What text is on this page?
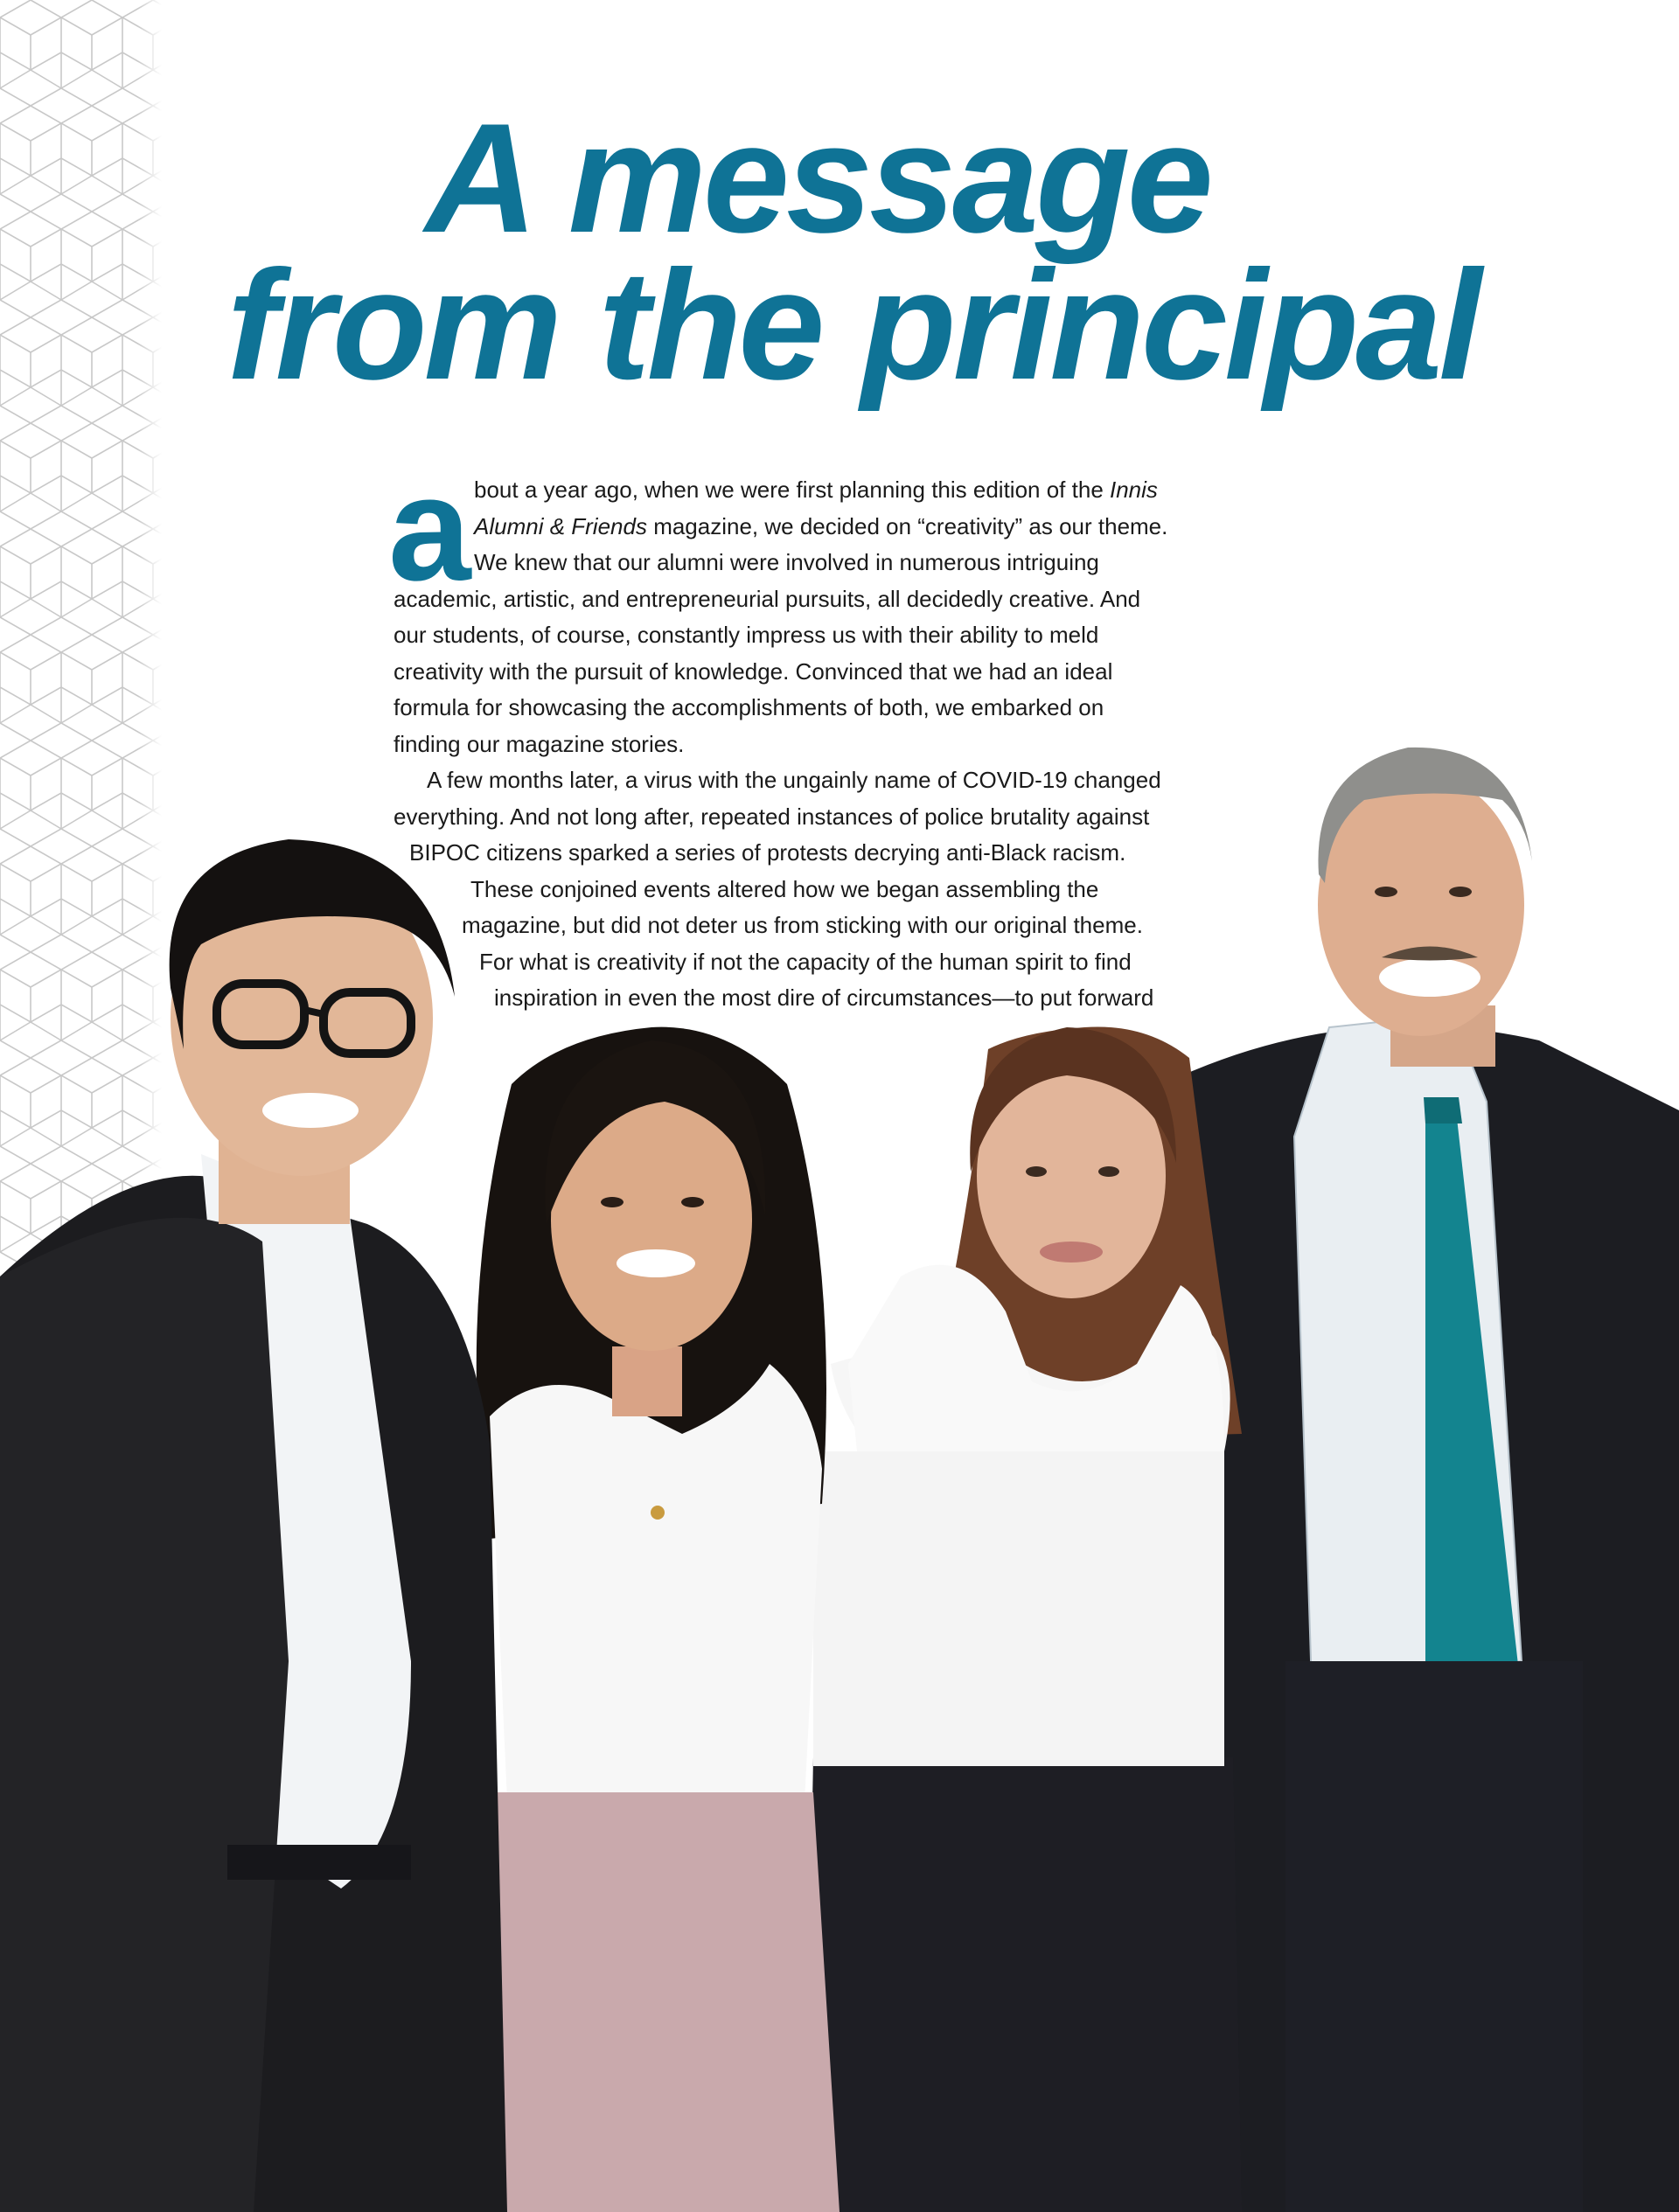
A message
from the principal
a bout a year ago, when we were first planning this edition of the Innis

Alumni & Friends magazine, we decided on “creativity” as our theme.

We knew that our alumni were involved in numerous intriguing

academic, artistic, and entrepreneurial pursuits, all decidedly creative. And

our students, of course, constantly impress us with their ability to meld

creativity with the pursuit of knowledge. Convinced that we had an ideal

formula for showcasing the accomplishments of both, we embarked on

finding our magazine stories.

A few months later, a virus with the ungainly name of COVID-19 changed

everything. And not long after, repeated instances of police brutality against

BIPOC citizens sparked a series of protests decrying anti-Black racism.

These conjoined events altered how we began assembling the

magazine, but did not deter us from sticking with our original theme.

For what is creativity if not the capacity of the human spirit to find

inspiration in even the most dire of circumstances—to put forward
